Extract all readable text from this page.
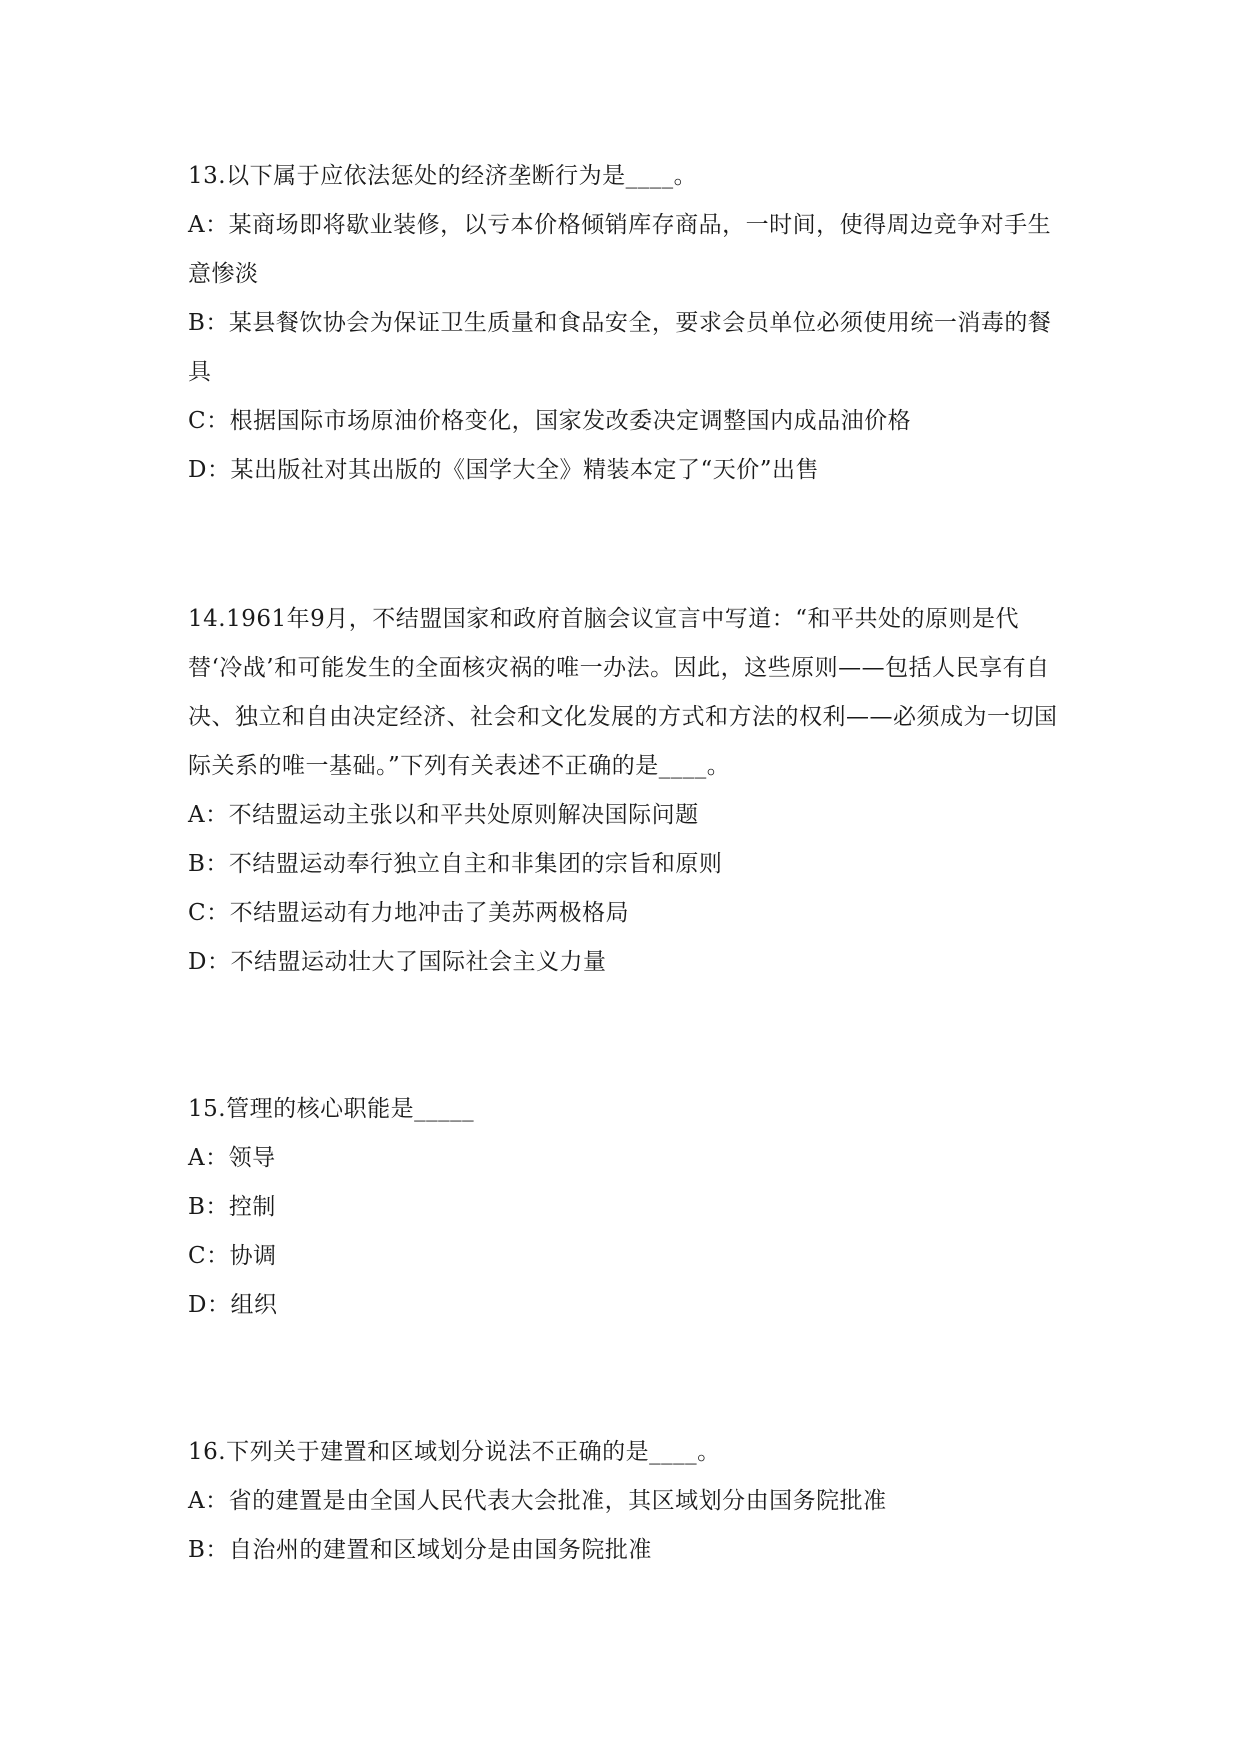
13.以下属于应依法惩处的经济垄断行为是____。
A：某商场即将歇业装修，以亏本价格倾销库存商品，一时间，使得周边竞争对手生意惨淡
B：某县餐饮协会为保证卫生质量和食品安全，要求会员单位必须使用统一消毒的餐具
C：根据国际市场原油价格变化，国家发改委决定调整国内成品油价格
D：某出版社对其出版的《国学大全》精装本定了“天价”出售
14.1961年9月，不结盟国家和政府首脑会议宣言中写道：“和平共处的原则是代替‘冷战’和可能发生的全面核灾祸的唯一办法。因此，这些原则——包括人民享有自决、独立和自由决定经济、社会和文化发展的方式和方法的权利——必须成为一切国际关系的唯一基础。”下列有关表述不正确的是____。
A：不结盟运动主张以和平共处原则解决国际问题
B：不结盟运动奉行独立自主和非集团的宗旨和原则
C：不结盟运动有力地冲击了美苏两极格局
D：不结盟运动壮大了国际社会主义力量
15.管理的核心职能是_____
A：领导
B：控制
C：协调
D：组织
16.下列关于建置和区域划分说法不正确的是____。
A：省的建置是由全国人民代表大会批准，其区域划分由国务院批准
B：自治州的建置和区域划分是由国务院批准
